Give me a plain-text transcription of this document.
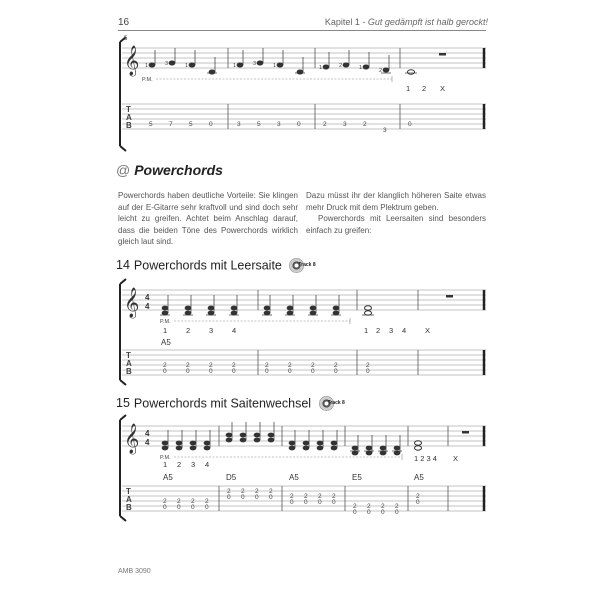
16	Kapitel 1 - Gut gedämpft ist halb gerockt!
5
𝄞 1	3	1	1	3	1	1	2	1	2
P.M.
1 2 X
T
A
B	5	7	5	0	3	5	3	0	2	3	2
3
0
@ Powerchords
Powerchords haben deutliche Vorteile: Sie klingen auf der E-Gitarre sehr kraftvoll und sind doch sehr leicht zu greifen. Achtet beim Anschlag darauf, dass die beiden Töne des Powerchords wirklich gleich laut sind.
Dazu müsst ihr der klanglich höheren Saite etwas mehr Druck mit dem Plektrum geben.
Powerchords mit Leersaiten sind besonders einfach zu greifen:
14 Powerchords mit Leersaite	Track 8
𝄞 4
4
P.M.
1	2	3	4	1 2 3 4	X
A5
T
A
B
2
0
2
0
2
0
2
0
2
0
2
0
2
0
2
0
2
0
15 Powerchords mit Saitenwechsel	Track 8
𝄞 4
4
P.M.
1 2 3 4
1 2 3 4 X
A5	D5	A5	E5	A5
T
A
B
2
0
2
0
2
0
2
0
2
0
2
0
2
0
2
0	2
0
2
0
2
0
2
0
2
0
2
0
2
0
2
0
2
0
AMB 3090
